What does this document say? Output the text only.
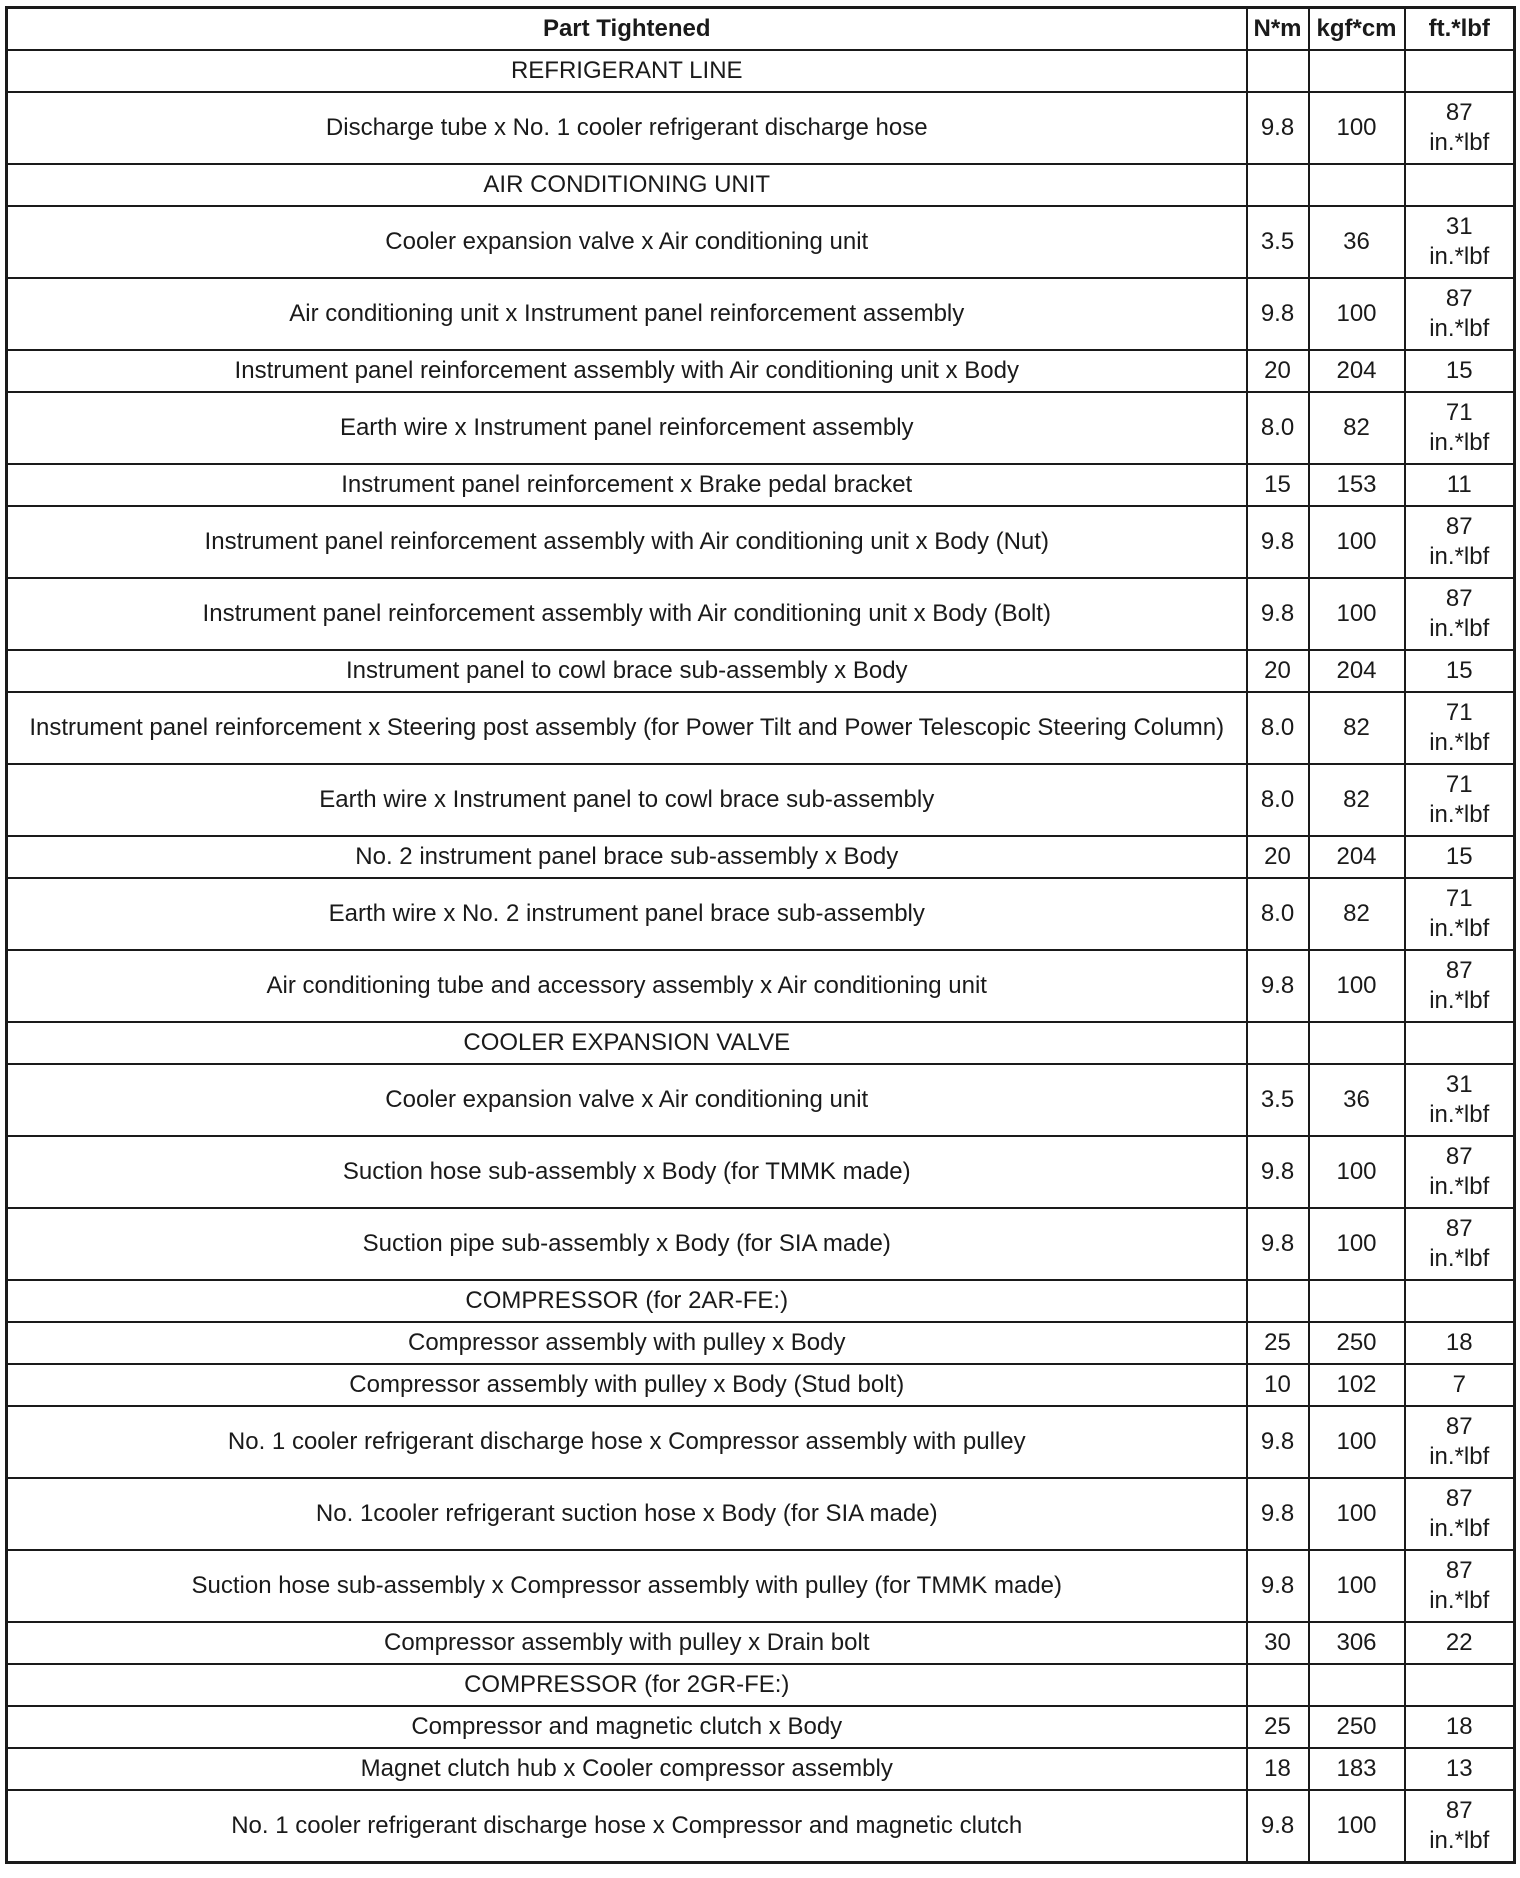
Part Tightened	N*m	kgf*cm	ft.*lbf
REFRIGERANT LINE			
Discharge tube x No. 1 cooler refrigerant discharge hose	9.8	100	87
in.*lbf

AIR CONDITIONING UNIT			
Cooler expansion valve x Air conditioning unit	3.5	36	31
in.*lbf

Air conditioning unit x Instrument panel reinforcement assembly	9.8	100	87
in.*lbf

Instrument panel reinforcement assembly with Air conditioning unit x Body	20	204	15

Earth wire x Instrument panel reinforcement assembly	8.0	82	71
in.*lbf

Instrument panel reinforcement x Brake pedal bracket	15	153	11

Instrument panel reinforcement assembly with Air conditioning unit x Body (Nut)	9.8	100	87
in.*lbf

Instrument panel reinforcement assembly with Air conditioning unit x Body (Bolt)	9.8	100	87
in.*lbf

Instrument panel to cowl brace sub-assembly x Body	20	204	15

Instrument panel reinforcement x Steering post assembly (for Power Tilt and Power Telescopic Steering Column)	8.0	82	71
in.*lbf

Earth wire x Instrument panel to cowl brace sub-assembly	8.0	82	71
in.*lbf

No. 2 instrument panel brace sub-assembly x Body	20	204	15

Earth wire x No. 2 instrument panel brace sub-assembly	8.0	82	71
in.*lbf

Air conditioning tube and accessory assembly x Air conditioning unit	9.8	100	87
in.*lbf

COOLER EXPANSION VALVE			
Cooler expansion valve x Air conditioning unit	3.5	36	31
in.*lbf

Suction hose sub-assembly x Body (for TMMK made)	9.8	100	87
in.*lbf

Suction pipe sub-assembly x Body (for SIA made)	9.8	100	87
in.*lbf

COMPRESSOR (for 2AR-FE:)			
Compressor assembly with pulley x Body	25	250	18

Compressor assembly with pulley x Body (Stud bolt)	10	102	7

No. 1 cooler refrigerant discharge hose x Compressor assembly with pulley	9.8	100	87
in.*lbf

No. 1cooler refrigerant suction hose x Body (for SIA made)	9.8	100	87
in.*lbf

Suction hose sub-assembly x Compressor assembly with pulley (for TMMK made)	9.8	100	87
in.*lbf

Compressor assembly with pulley x Drain bolt	30	306	22

COMPRESSOR (for 2GR-FE:)			
Compressor and magnetic clutch x Body	25	250	18

Magnet clutch hub x Cooler compressor assembly	18	183	13

No. 1 cooler refrigerant discharge hose x Compressor and magnetic clutch	9.8	100	87
in.*lbf
